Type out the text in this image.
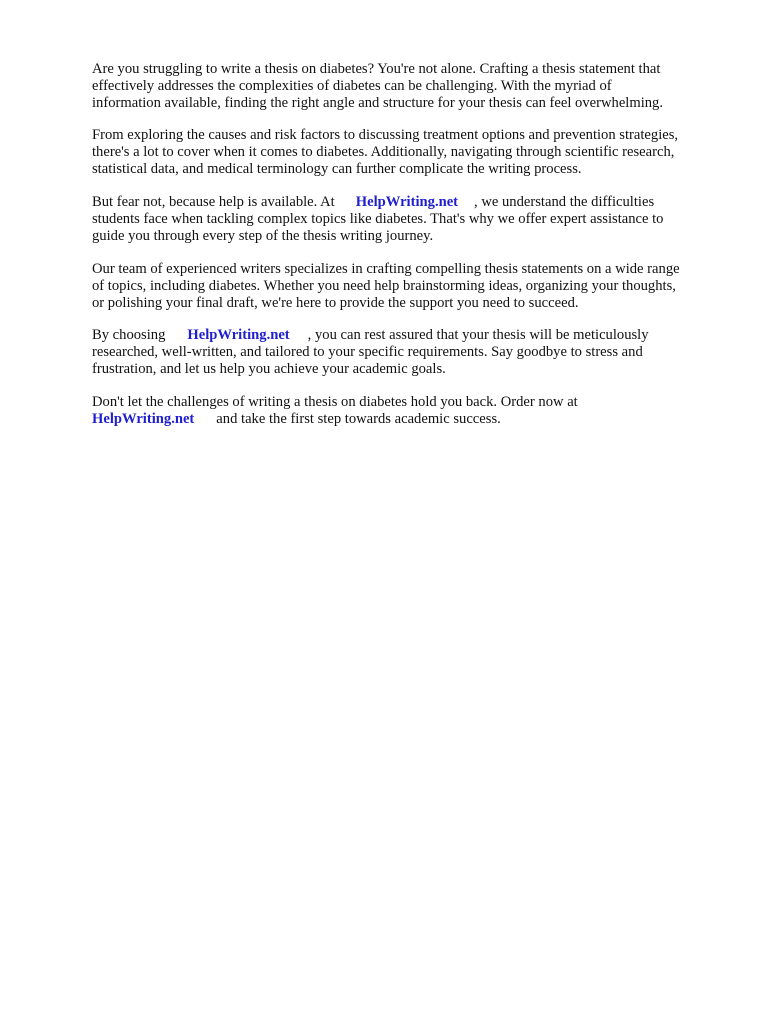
Are you struggling to write a thesis on diabetes? You're not alone. Crafting a thesis statement that
effectively addresses the complexities of diabetes can be challenging. With the myriad of
information available, finding the right angle and structure for your thesis can feel overwhelming.

From exploring the causes and risk factors to discussing treatment options and prevention strategies,
there's a lot to cover when it comes to diabetes. Additionally, navigating through scientific research,
statistical data, and medical terminology can further complicate the writing process.

But fear not, because help is available. At HelpWriting.net , we understand the difficulties
students face when tackling complex topics like diabetes. That's why we offer expert assistance to
guide you through every step of the thesis writing journey.

Our team of experienced writers specializes in crafting compelling thesis statements on a wide range
of topics, including diabetes. Whether you need help brainstorming ideas, organizing your thoughts,
or polishing your final draft, we're here to provide the support you need to succeed.

By choosing HelpWriting.net , you can rest assured that your thesis will be meticulously
researched, well-written, and tailored to your specific requirements. Say goodbye to stress and
frustration, and let us help you achieve your academic goals.

Don't let the challenges of writing a thesis on diabetes hold you back. Order now at
HelpWriting.net and take the first step towards academic success.
